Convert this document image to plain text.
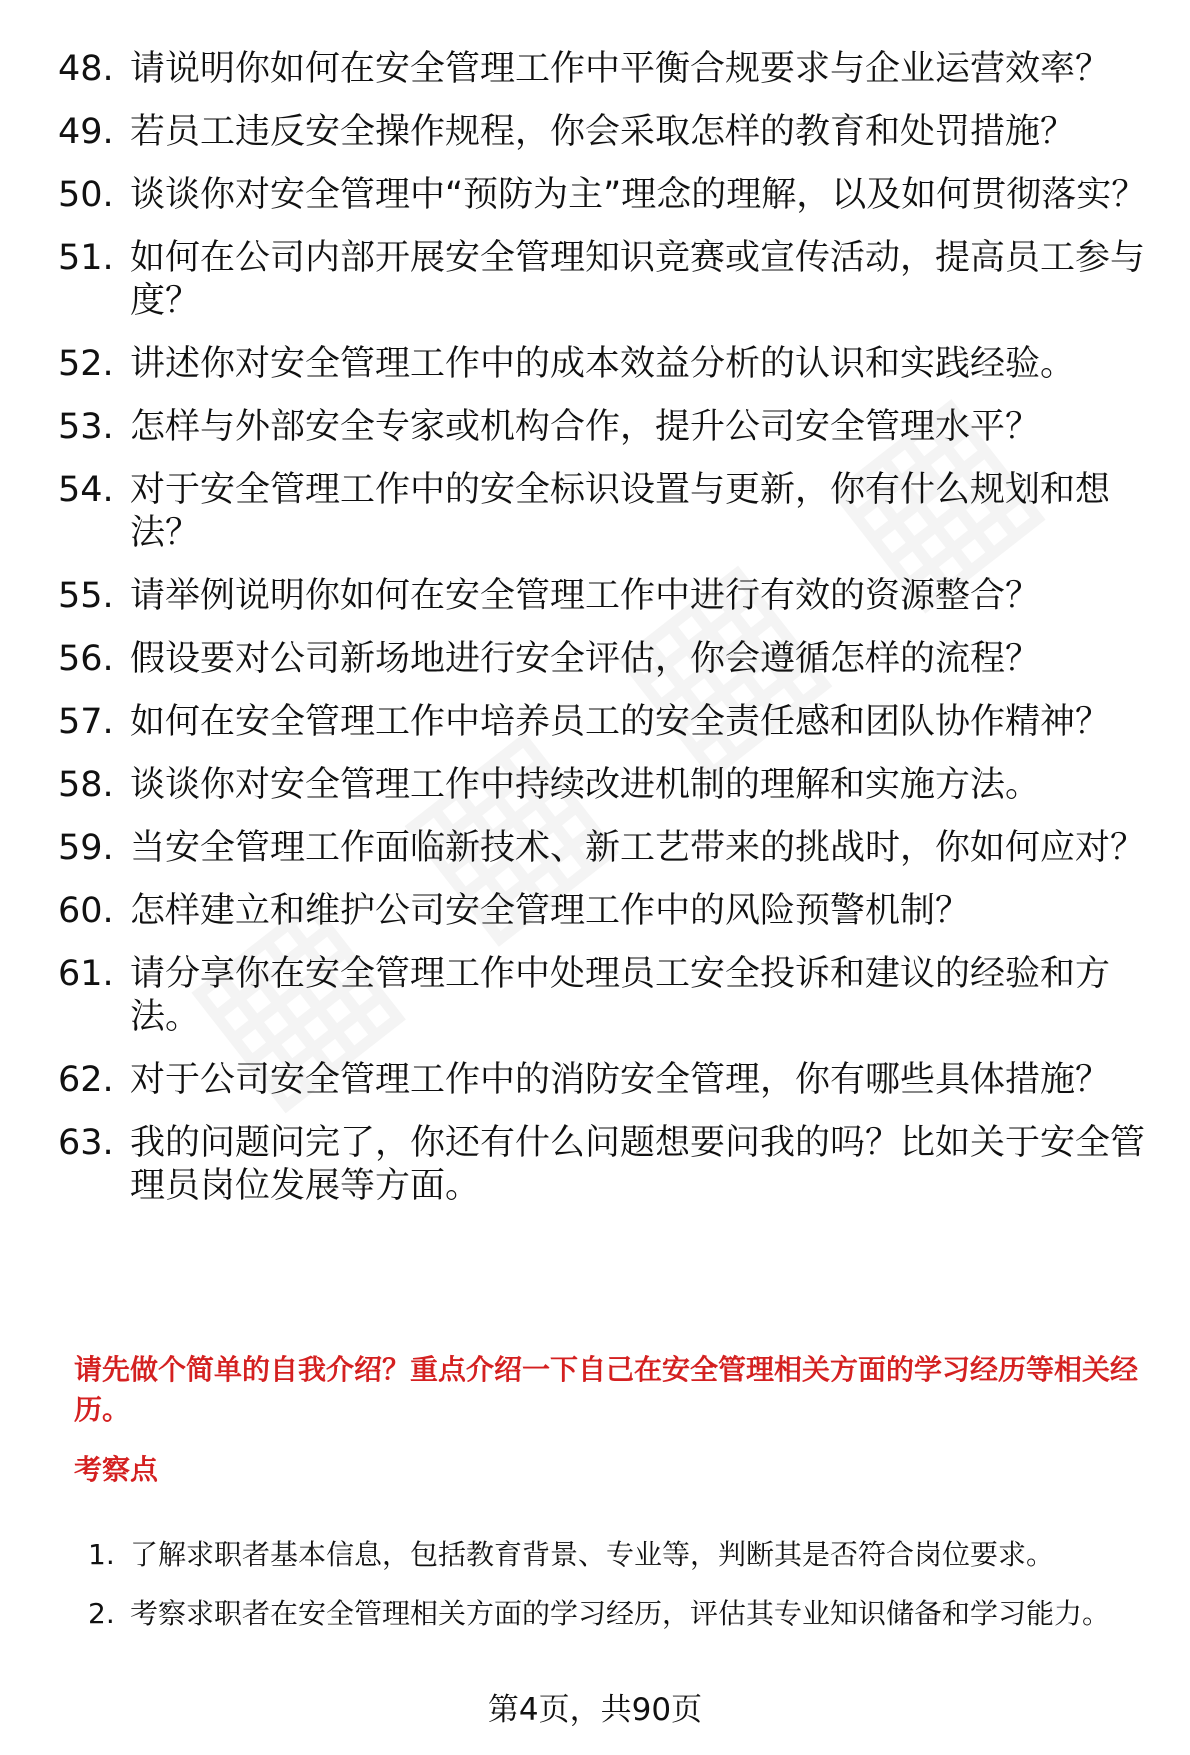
48. 请说明你如何在安全管理工作中平衡合规要求与企业运营效率？
49. 若员工违反安全操作规程，你会采取怎样的教育和处罚措施？
50. 谈谈你对安全管理中“预防为主”理念的理解，以及如何贯彻落实？
51. 如何在公司内部开展安全管理知识竞赛或宣传活动，提高员工参与度？
52. 讲述你对安全管理工作中的成本效益分析的认识和实践经验。
53. 怎样与外部安全专家或机构合作，提升公司安全管理水平？
54. 对于安全管理工作中的安全标识设置与更新，你有什么规划和想法？
55. 请举例说明你如何在安全管理工作中进行有效的资源整合？
56. 假设要对公司新场地进行安全评估，你会遵循怎样的流程？
57. 如何在安全管理工作中培养员工的安全责任感和团队协作精神？
58. 谈谈你对安全管理工作中持续改进机制的理解和实施方法。
59. 当安全管理工作面临新技术、新工艺带来的挑战时，你如何应对？
60. 怎样建立和维护公司安全管理工作中的风险预警机制？
61. 请分享你在安全管理工作中处理员工安全投诉和建议的经验和方法。
62. 对于公司安全管理工作中的消防安全管理，你有哪些具体措施？
63. 我的问题问完了，你还有什么问题想要问我的吗？比如关于安全管理员岗位发展等方面。
请先做个简单的自我介绍？重点介绍一下自己在安全管理相关方面的学习经历等相关经历。
考察点
1. 了解求职者基本信息，包括教育背景、专业等，判断其是否符合岗位要求。
2. 考察求职者在安全管理相关方面的学习经历，评估其专业知识储备和学习能力。
第4页，共90页
